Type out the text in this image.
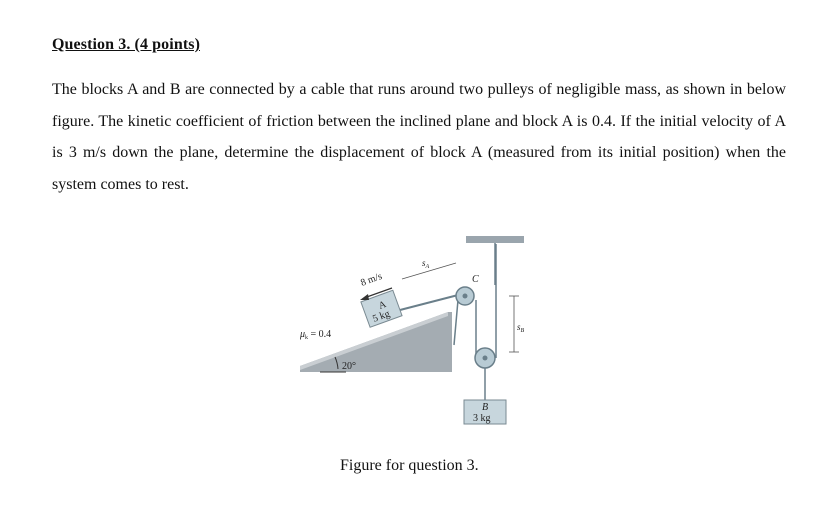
Question 3. (4 points)
The blocks A and B are connected by a cable that runs around two pulleys of negligible mass, as shown in below figure. The kinetic coefficient of friction between the inclined plane and block A is 0.4. If the initial velocity of A is 3 m/s down the plane, determine the displacement of block A (measured from its initial position) when the system comes to rest.
8 m/s
$s_A$
A
5 kg
$\mu_k = 0.4$
20°
C
$s_B$
B
3 kg
Figure for question 3.
